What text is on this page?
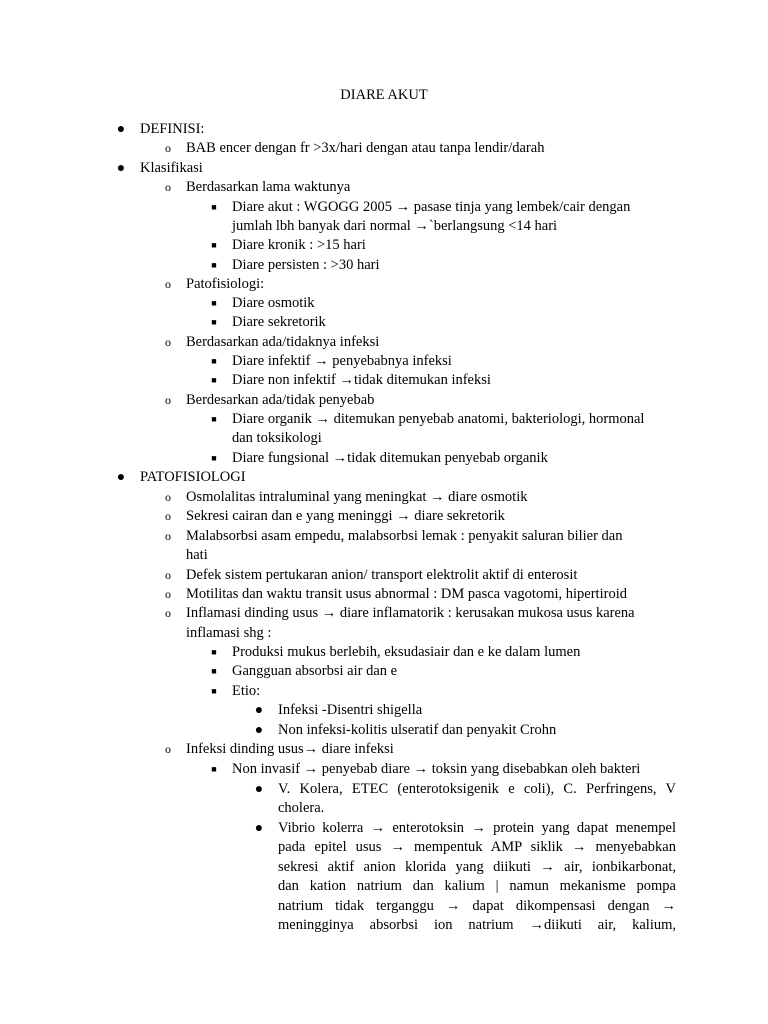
DIARE AKUT
● DEFINISI:
o BAB encer dengan fr >3x/hari dengan atau tanpa lendir/darah
● Klasifikasi
o Berdasarkan lama waktunya
■ Diare akut : WGOGG 2005 → pasase tinja yang lembek/cair dengan
jumlah lbh banyak dari normal →`berlangsung <14 hari
■ Diare kronik : >15 hari
■ Diare persisten : >30 hari
o Patofisiologi:
■ Diare osmotik
■ Diare sekretorik
o Berdasarkan ada/tidaknya infeksi
■ Diare infektif → penyebabnya infeksi
■ Diare non infektif →tidak ditemukan infeksi
o Berdesarkan ada/tidak penyebab
■ Diare organik → ditemukan penyebab anatomi, bakteriologi, hormonal
dan toksikologi
■ Diare fungsional →tidak ditemukan penyebab organik
● PATOFISIOLOGI
o Osmolalitas intraluminal yang meningkat → diare osmotik
o Sekresi cairan dan e yang meninggi → diare sekretorik
o Malabsorbsi asam empedu, malabsorbsi lemak : penyakit saluran bilier dan
hati
o Defek sistem pertukaran anion/ transport elektrolit aktif di enterosit
o Motilitas dan waktu transit usus abnormal : DM pasca vagotomi, hipertiroid
o Inflamasi dinding usus → diare inflamatorik : kerusakan mukosa usus karena
inflamasi shg :
■ Produksi mukus berlebih, eksudasiair dan e ke dalam lumen
■ Gangguan absorbsi air dan e
■ Etio:
● Infeksi -Disentri shigella
● Non infeksi-kolitis ulseratif dan penyakit Crohn
o Infeksi dinding usus→ diare infeksi
■ Non invasif → penyebab diare → toksin yang disebabkan oleh bakteri
● V. Kolera, ETEC (enterotoksigenik e coli), C. Perfringens, V
cholera.
● Vibrio kolerra → enterotoksin → protein yang dapat menempel
pada epitel usus → mempentuk AMP siklik → menyebabkan
sekresi aktif anion klorida yang diikuti → air, ionbikarbonat,
dan kation natrium dan kalium | namun mekanisme pompa
natrium tidak terganggu → dapat dikompensasi dengan →
meningginya absorbsi ion natrium →diikuti air, kalium,
